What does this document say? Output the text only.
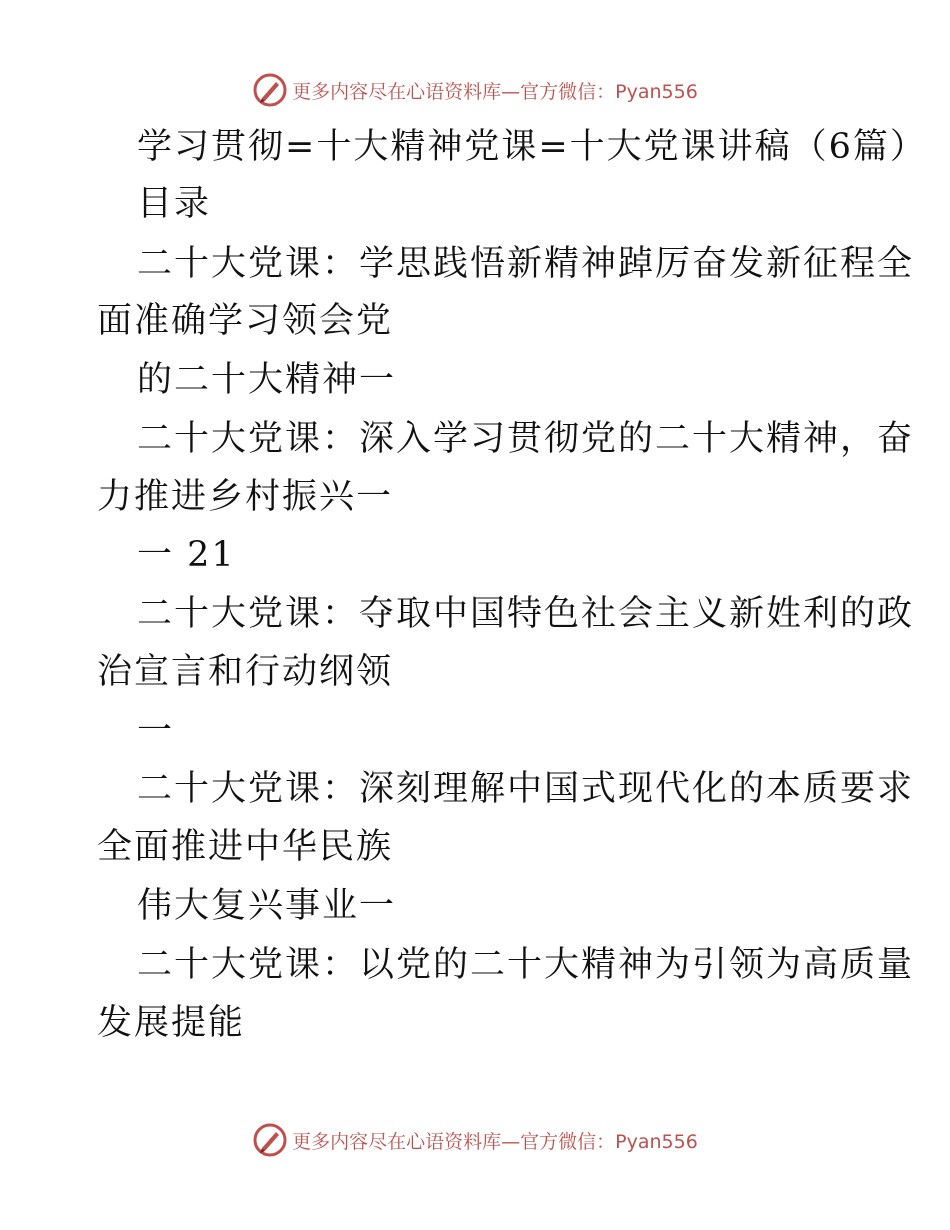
更多内容尽在心语资料库—官方微信：Pyan556
学习贯彻=十大精神党课=十大党课讲稿（6篇）
目录
二十大党课：学思践悟新精神踔厉奋发新征程全
面准确学习领会党
的二十大精神一
二十大党课：深入学习贯彻党的二十大精神，奋
力推进乡村振兴一
一 21
二十大党课：夺取中国特色社会主义新姓利的政
治宣言和行动纲领
一
二十大党课：深刻理解中国式现代化的本质要求
全面推进中华民族
伟大复兴事业一
二十大党课：以党的二十大精神为引领为高质量
发展提能
更多内容尽在心语资料库—官方微信：Pyan556
